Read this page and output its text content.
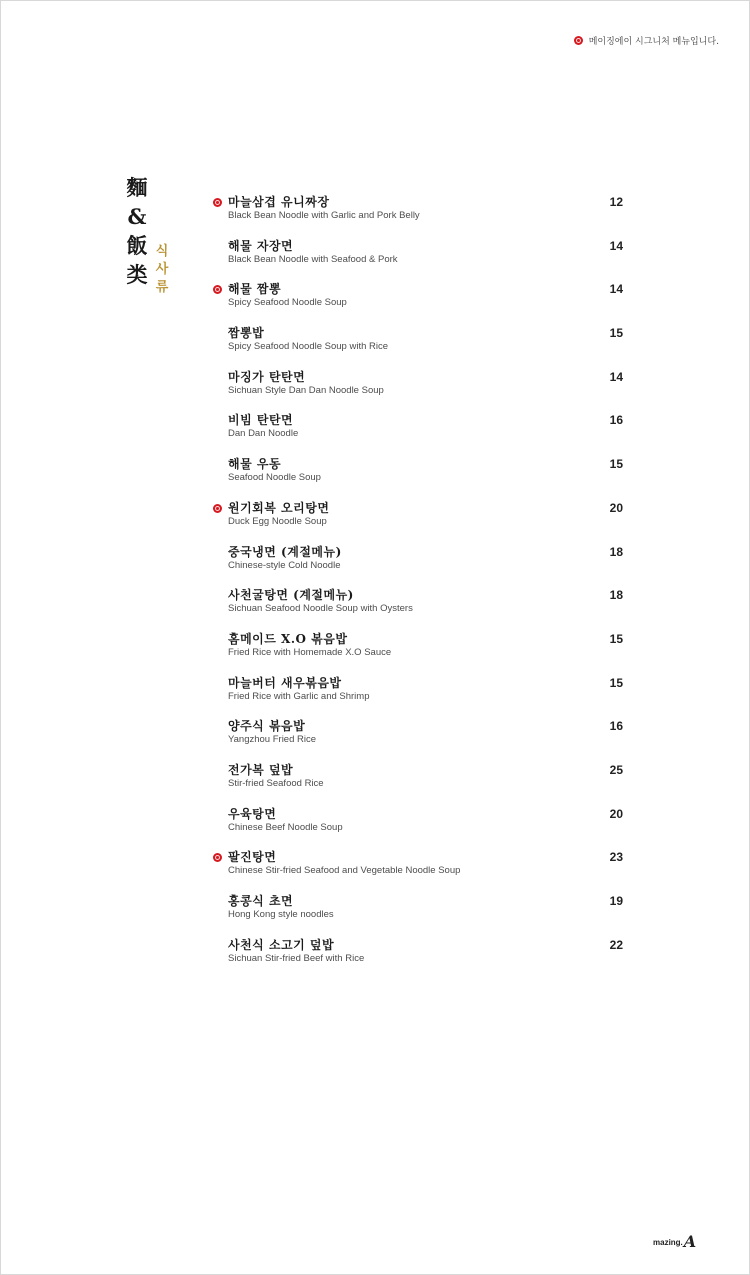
메이징에이 시그니처 메뉴입니다.
麵
&
飯
类
식
사
류
마늘삼겹 유니짜장
Black Bean Noodle with Garlic and Pork Belly
12
해물 자장면
Black Bean Noodle with Seafood & Pork
14
해물 짬뽕
Spicy Seafood Noodle Soup
14
짬뽕밥
Spicy Seafood Noodle Soup with Rice
15
마징가 탄탄면
Sichuan Style Dan Dan Noodle Soup
14
비빔 탄탄면
Dan Dan Noodle
16
해물 우동
Seafood Noodle Soup
15
원기회복 오리탕면
Duck Egg Noodle Soup
20
중국냉면 (계절메뉴)
Chinese-style Cold Noodle
18
사천굴탕면 (계절메뉴)
Sichuan Seafood Noodle Soup with Oysters
18
홈메이드 X.O 볶음밥
Fried Rice with Homemade X.O Sauce
15
마늘버터 새우볶음밥
Fried Rice with Garlic and Shrimp
15
양주식 볶음밥
Yangzhou Fried Rice
16
전가복 덮밥
Stir-fried Seafood Rice
25
우육탕면
Chinese Beef Noodle Soup
20
팔진탕면
Chinese Stir-fried Seafood and Vegetable Noodle Soup
23
홍콩식 초면
Hong Kong style noodles
19
사천식 소고기 덮밥
Sichuan Stir-fried Beef with Rice
22
mazing. A
